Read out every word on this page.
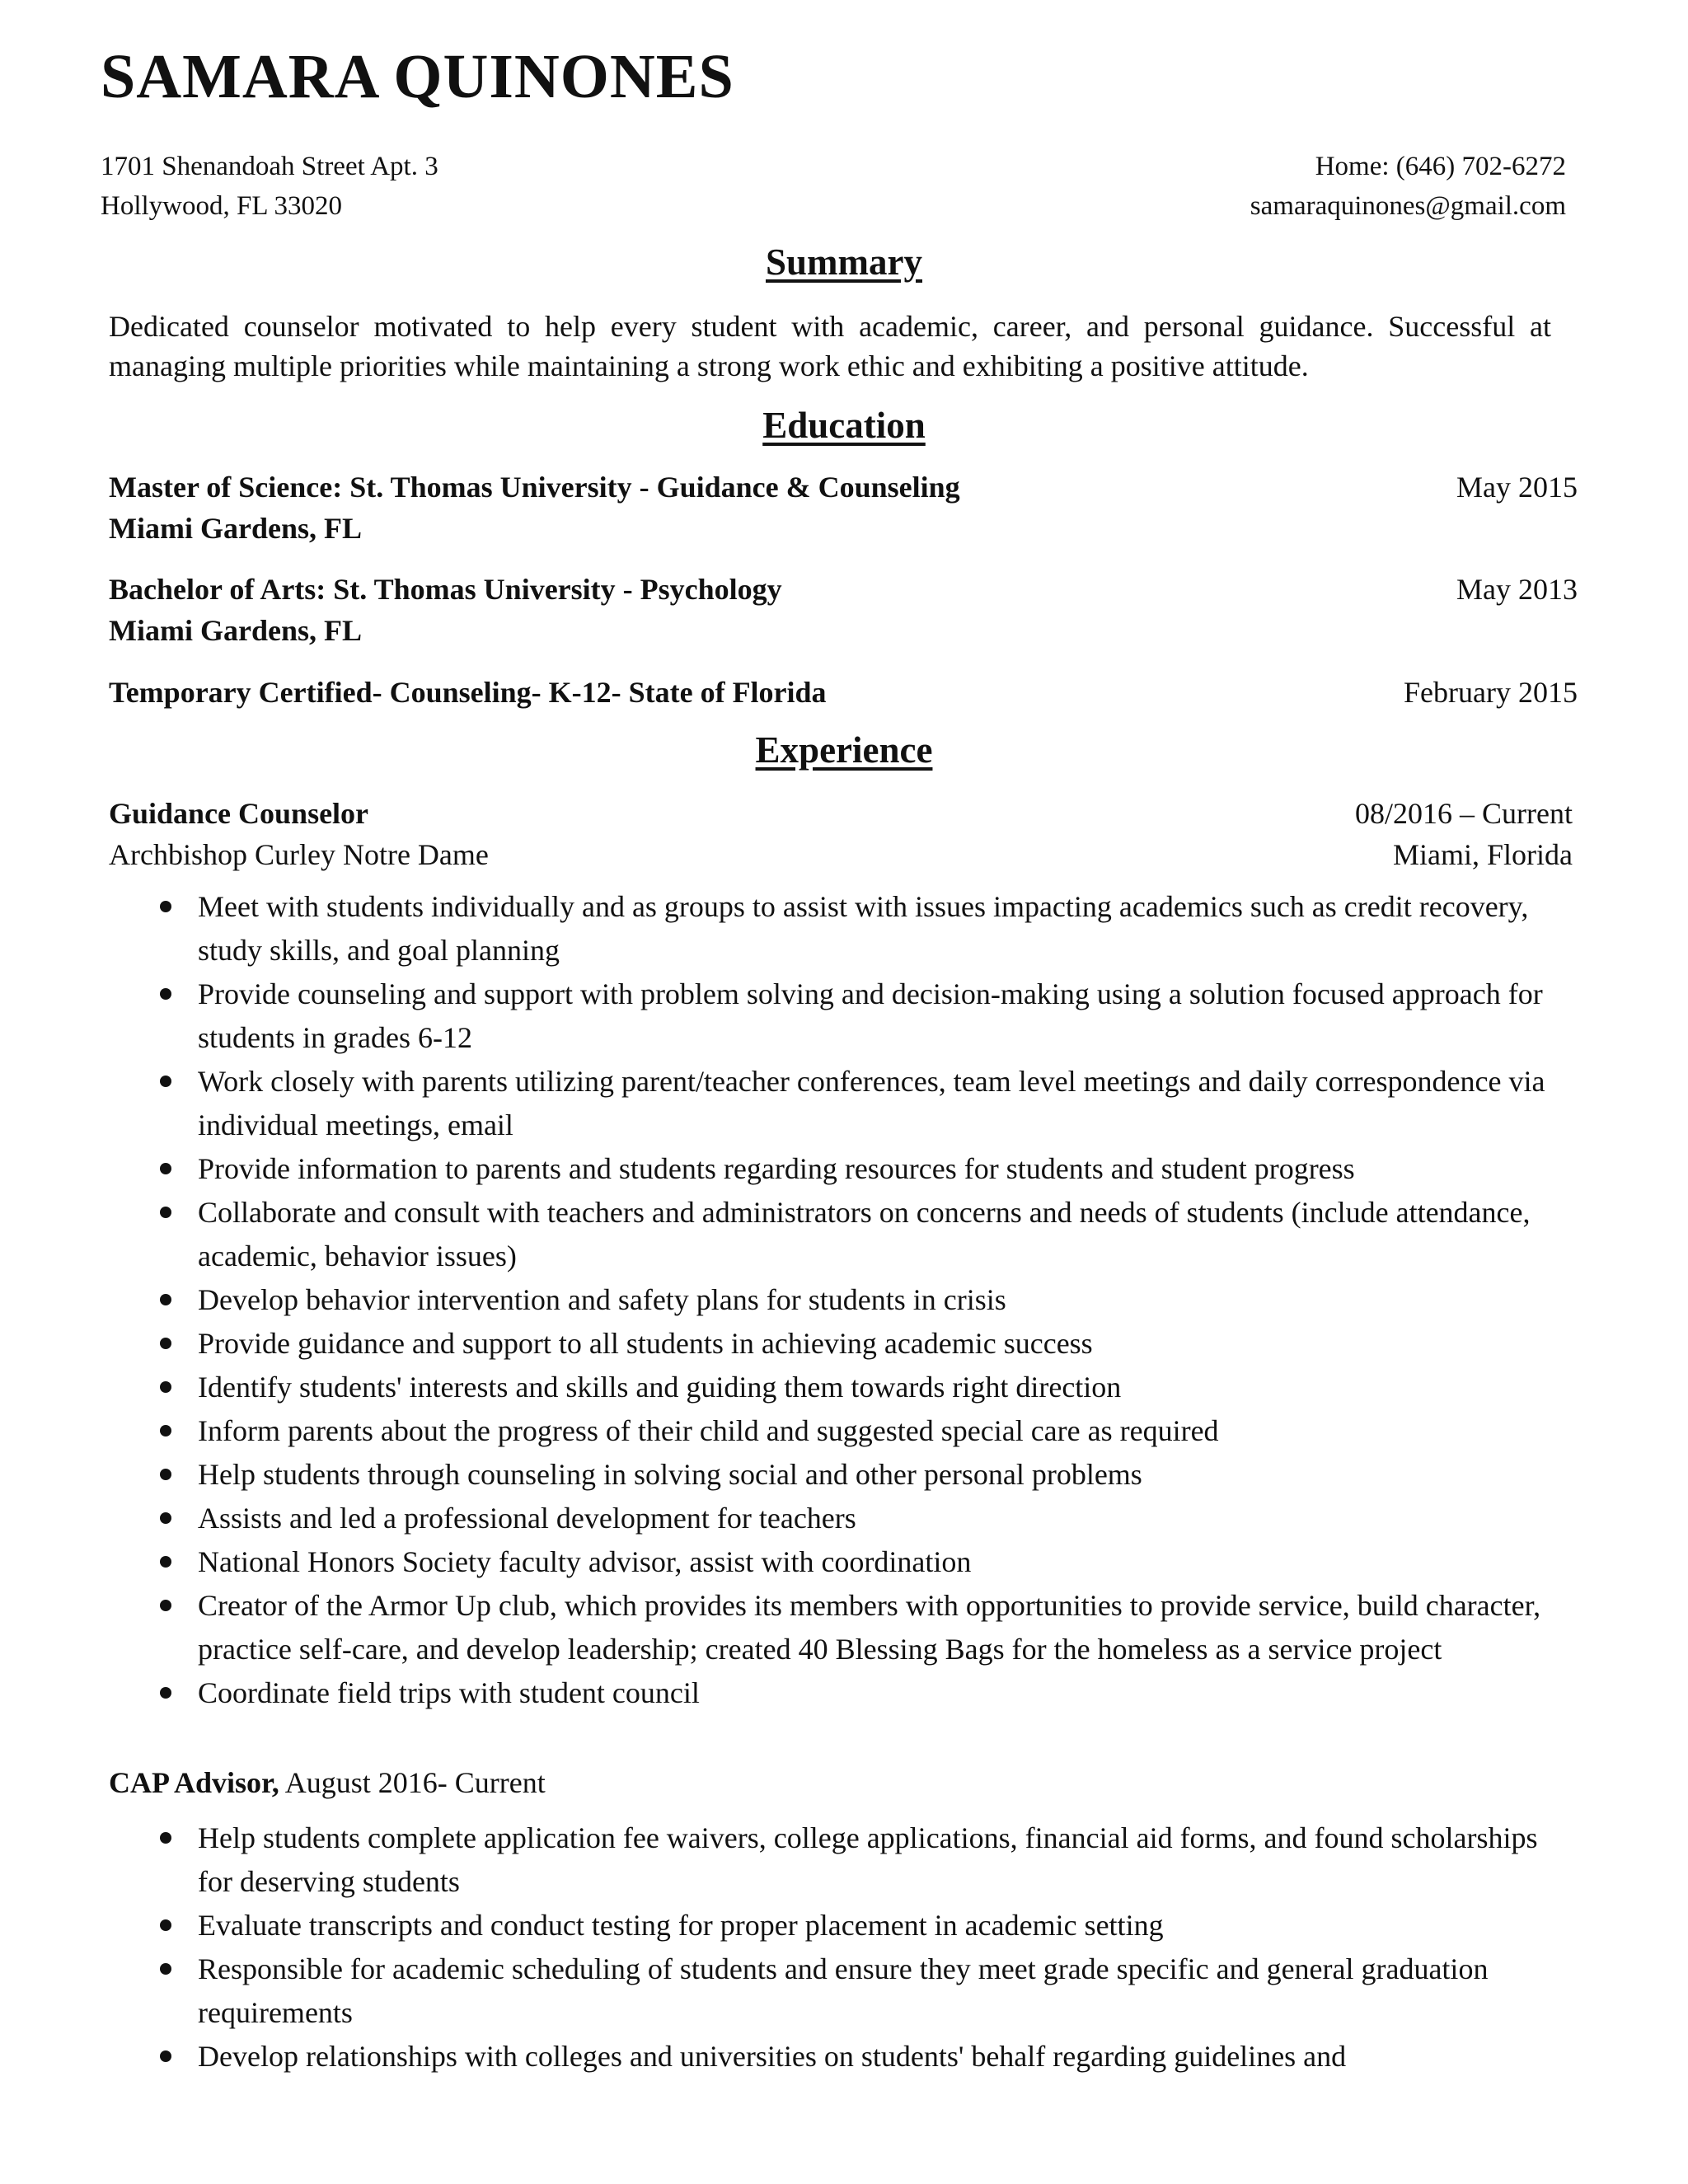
SAMARA QUINONES
1701 Shenandoah Street Apt. 3	Home: (646) 702-6272
Hollywood, FL 33020	samaraquinones@gmail.com
Summary
Dedicated counselor motivated to help every student with academic, career, and personal guidance. Successful at managing multiple priorities while maintaining a strong work ethic and exhibiting a positive attitude.
Education
Master of Science: St. Thomas University - Guidance & Counseling	May 2015
Miami Gardens, FL
Bachelor of Arts: St. Thomas University - Psychology	May 2013
Miami Gardens, FL
Temporary Certified- Counseling- K-12- State of Florida	February 2015
Experience
Guidance Counselor	08/2016 – Current
Archbishop Curley Notre Dame	Miami, Florida
Meet with students individually and as groups to assist with issues impacting academics such as credit recovery, study skills, and goal planning
Provide counseling and support with problem solving and decision-making using a solution focused approach for students in grades 6-12
Work closely with parents utilizing parent/teacher conferences, team level meetings and daily correspondence via individual meetings, email
Provide information to parents and students regarding resources for students and student progress
Collaborate and consult with teachers and administrators on concerns and needs of students (include attendance, academic, behavior issues)
Develop behavior intervention and safety plans for students in crisis
Provide guidance and support to all students in achieving academic success
Identify students' interests and skills and guiding them towards right direction
Inform parents about the progress of their child and suggested special care as required
Help students through counseling in solving social and other personal problems
Assists and led a professional development for teachers
National Honors Society faculty advisor, assist with coordination
Creator of the Armor Up club, which provides its members with opportunities to provide service, build character, practice self-care, and develop leadership; created 40 Blessing Bags for the homeless as a service project
Coordinate field trips with student council
CAP Advisor, August 2016- Current
Help students complete application fee waivers, college applications, financial aid forms, and found scholarships for deserving students
Evaluate transcripts and conduct testing for proper placement in academic setting
Responsible for academic scheduling of students and ensure they meet grade specific and general graduation requirements
Develop relationships with colleges and universities on students' behalf regarding guidelines and
